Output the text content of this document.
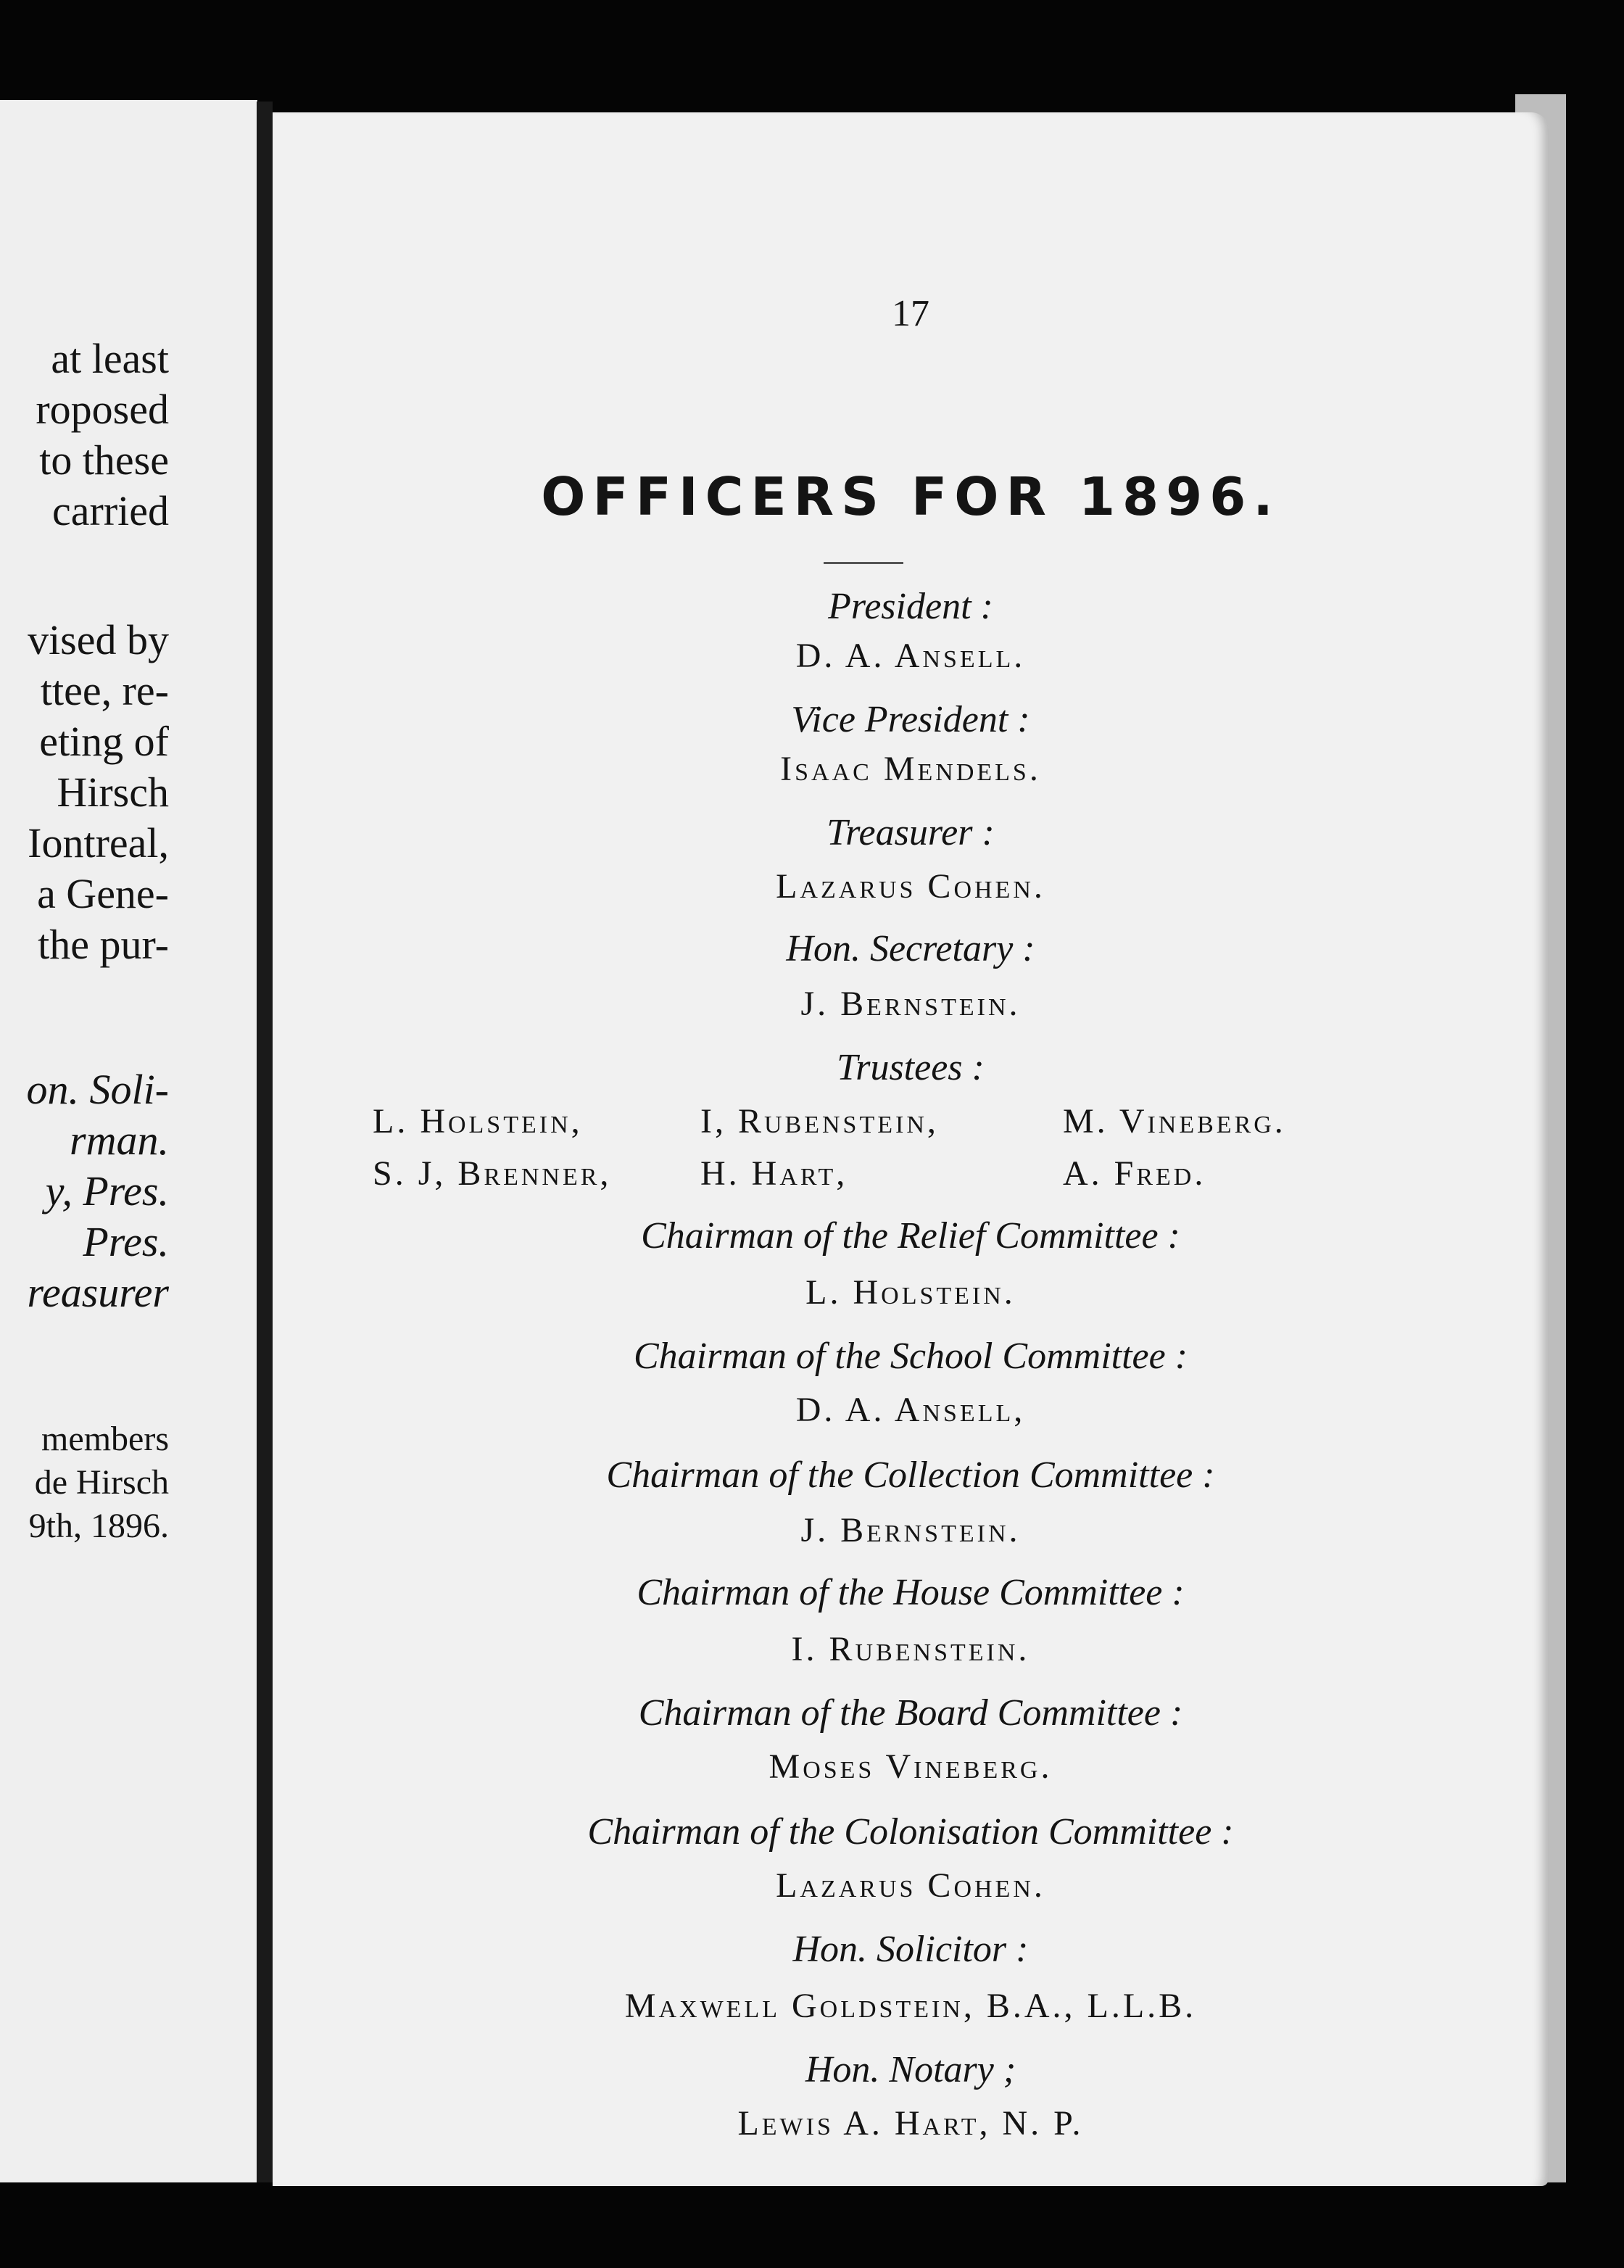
at least
roposed
to these
carried
vised by
ttee, re-
eting of
Hirsch
Iontreal,
a Gene-
the pur-
on. Soli-
rman.
y, Pres.
Pres.
reasurer
members
de Hirsch
9th, 1896.
17
OFFICERS FOR 1896.
President :
D. A. Ansell.
Vice President :
Isaac Mendels.
Treasurer :
Lazarus Cohen.
Hon. Secretary :
J. Bernstein.
Trustees :
L. Holstein,	I, Rubenstein,	M. Vineberg.
S. J, Brenner,	H. Hart,	A. Fred.
Chairman of the Relief Committee :
L. Holstein.
Chairman of the School Committee :
D. A. Ansell,
Chairman of the Collection Committee :
J. Bernstein.
Chairman of the House Committee :
I. Rubenstein.
Chairman of the Board Committee :
Moses Vineberg.
Chairman of the Colonisation Committee :
Lazarus Cohen.
Hon. Solicitor :
Maxwell Goldstein, B.A., L.L.B.
Hon. Notary ;
Lewis A. Hart, N. P.
